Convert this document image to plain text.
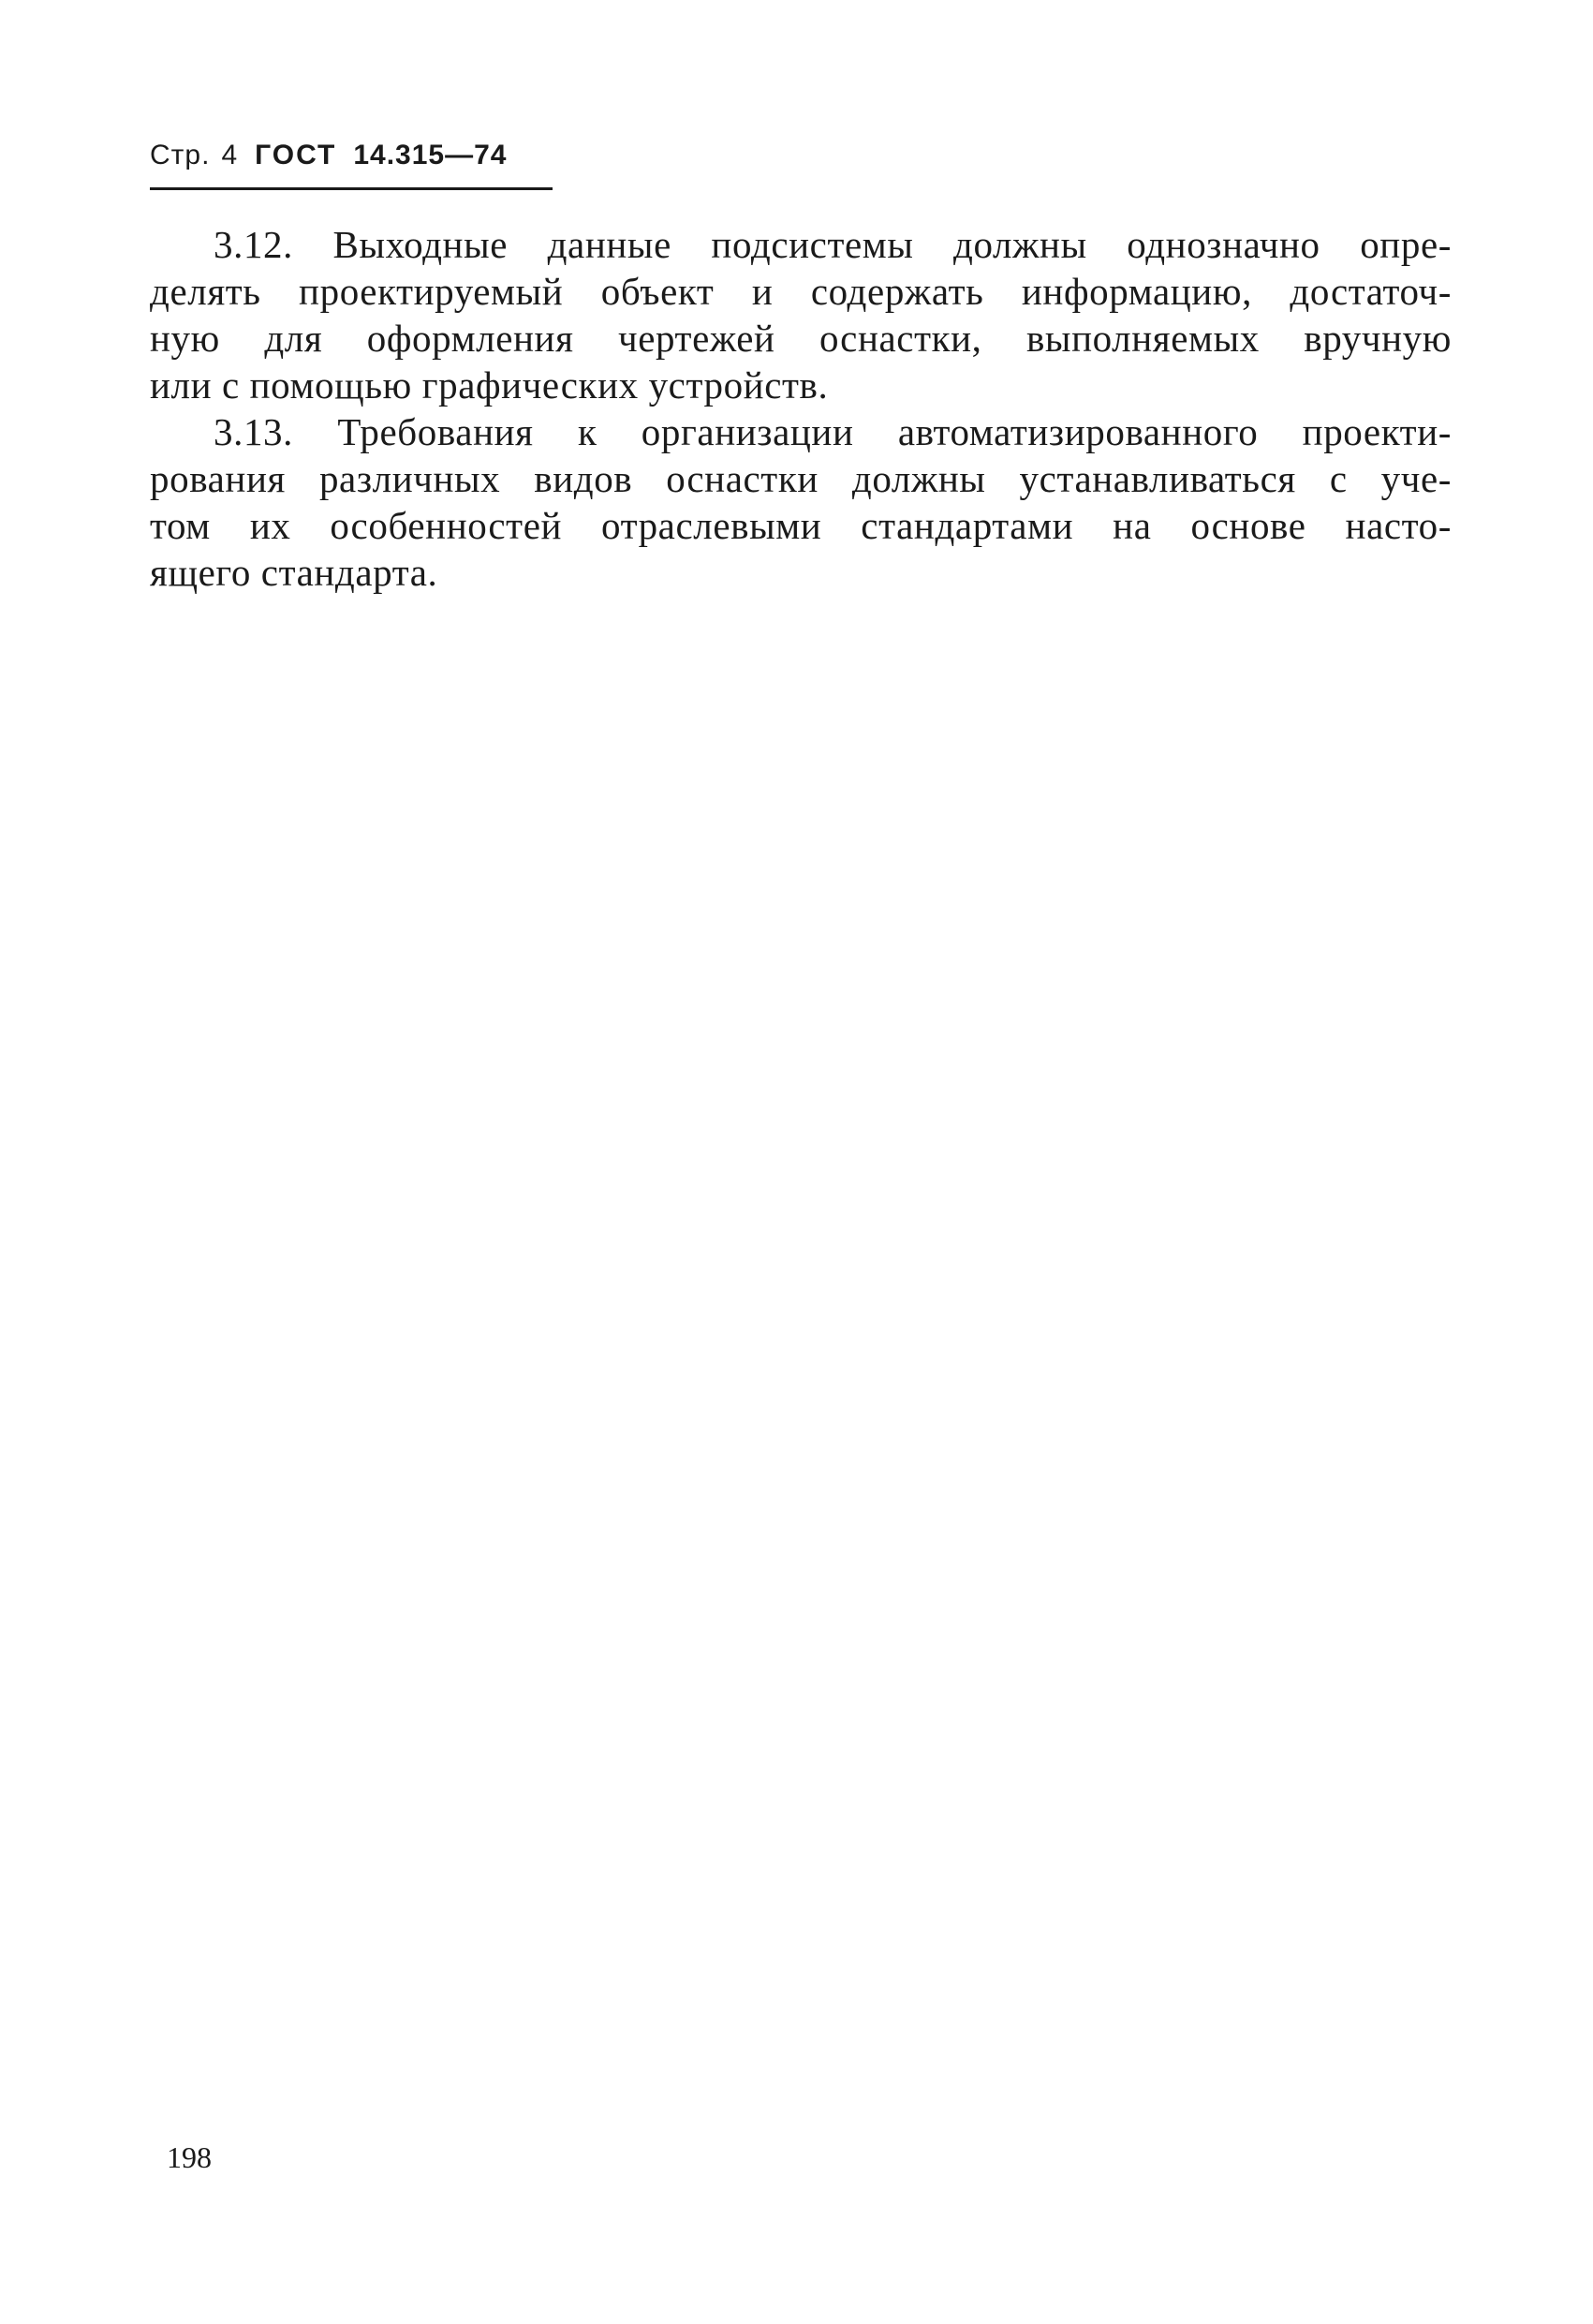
Стр. 4 ГОСТ 14.315—74
3.12. Выходные данные подсистемы должны однозначно опре-
делять проектируемый объект и содержать информацию, достаточ-
ную для оформления чертежей оснастки, выполняемых вручную
или с помощью графических устройств.
3.13. Требования к организации автоматизированного проекти-
рования различных видов оснастки должны устанавливаться с уче-
том их особенностей отраслевыми стандартами на основе насто-
ящего стандарта.
198
